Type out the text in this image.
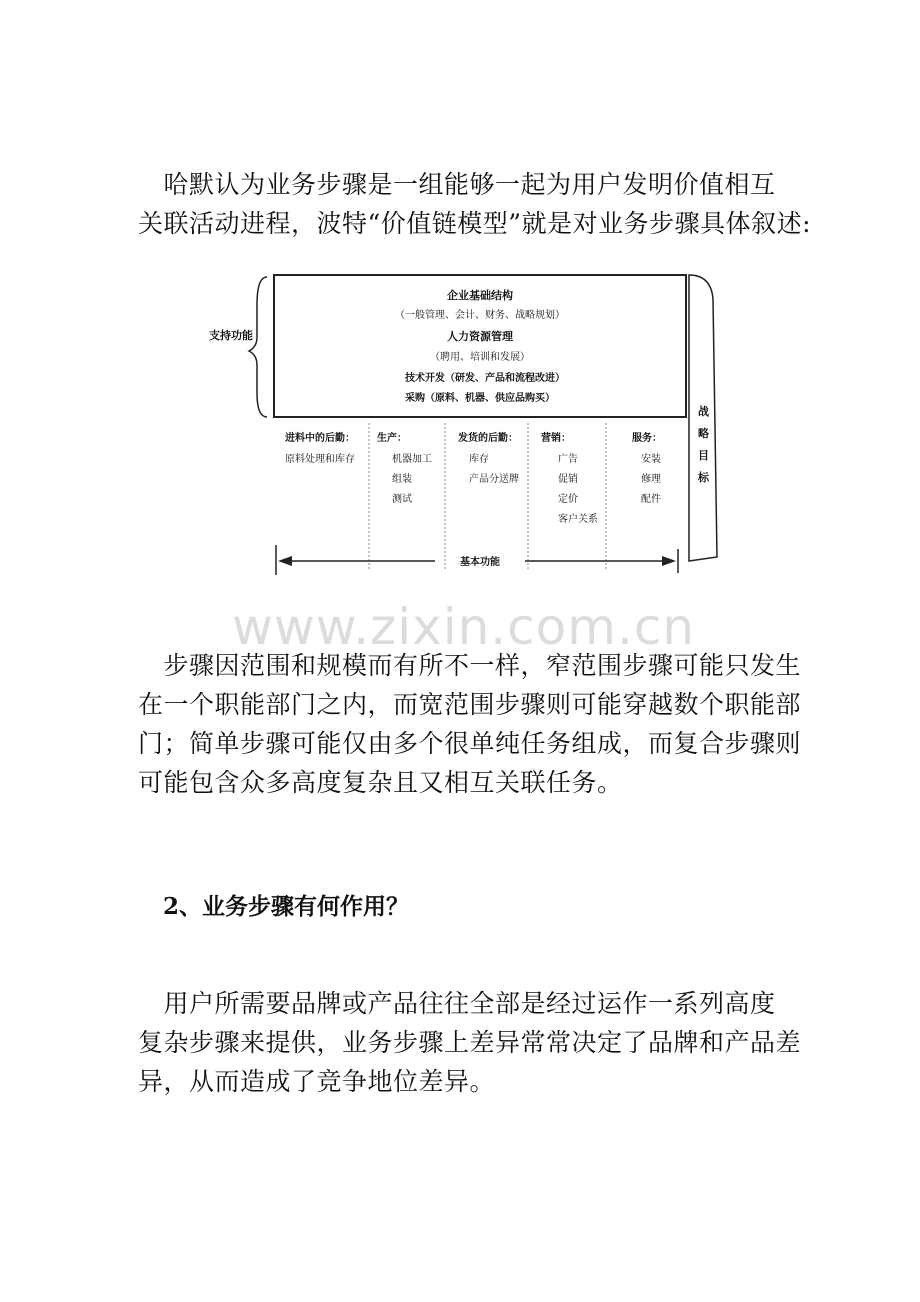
　哈默认为业务步骤是一组能够一起为用户发明价值相互
关联活动进程，波特“价值链模型”就是对业务步骤具体叙述:
支持功能
企业基础结构
（一般管理、会计、财务、战略规划）
人力资源管理
（聘用、培训和发展）
技术开发（研发、产品和流程改进）
采购（原料、机器、供应品购买）
战
略
目
标
进料中的后勤：
原料处理和库存
生产：
机器加工
组装
测试
发货的后勤：
库存
产品分送牌
营销：
广告
促销
定价
客户关系
服务：
安装
修理
配件
基本功能
www.zixin.com.cn
　步骤因范围和规模而有所不一样，窄范围步骤可能只发生
在一个职能部门之内，而宽范围步骤则可能穿越数个职能部
门；简单步骤可能仅由多个很单纯任务组成，而复合步骤则
可能包含众多高度复杂且又相互关联任务。
2、业务步骤有何作用？
　用户所需要品牌或产品往往全部是经过运作一系列高度
复杂步骤来提供，业务步骤上差异常常决定了品牌和产品差
异，从而造成了竞争地位差异。
